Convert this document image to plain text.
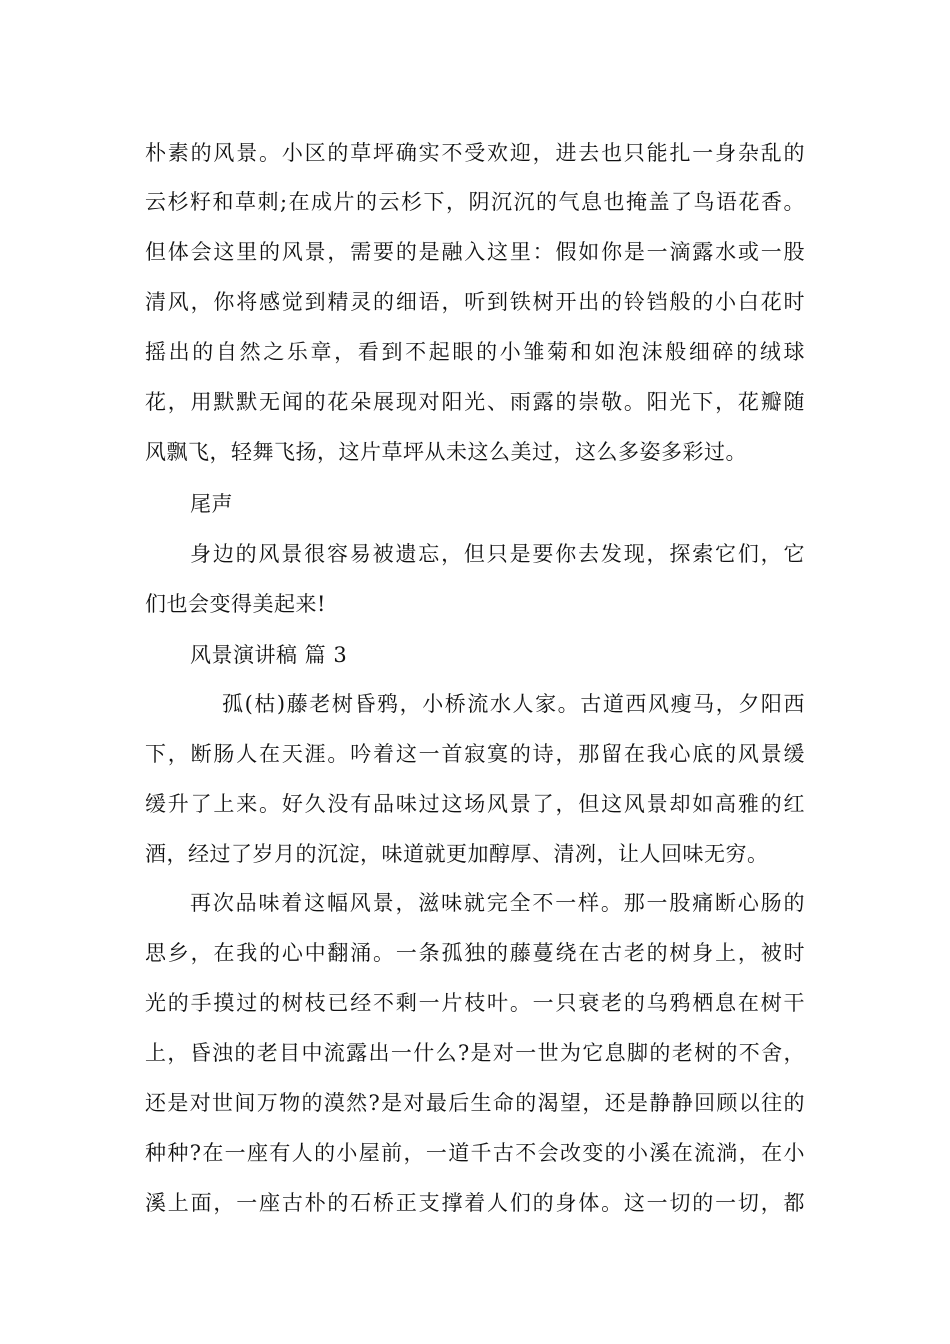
朴素的风景。小区的草坪确实不受欢迎，进去也只能扎一身杂乱的
云杉籽和草刺;在成片的云杉下，阴沉沉的气息也掩盖了鸟语花香。
但体会这里的风景，需要的是融入这里：假如你是一滴露水或一股
清风，你将感觉到精灵的细语，听到铁树开出的铃铛般的小白花时
摇出的自然之乐章，看到不起眼的小雏菊和如泡沫般细碎的绒球
花，用默默无闻的花朵展现对阳光、雨露的崇敬。阳光下，花瓣随
风飘飞，轻舞飞扬，这片草坪从未这么美过，这么多姿多彩过。
尾声
身边的风景很容易被遗忘，但只是要你去发现，探索它们，它
们也会变得美起来!
风景演讲稿 篇 3
孤(枯)藤老树昏鸦，小桥流水人家。古道西风瘦马，夕阳西
下，断肠人在天涯。吟着这一首寂寞的诗，那留在我心底的风景缓
缓升了上来。好久没有品味过这场风景了，但这风景却如高雅的红
酒，经过了岁月的沉淀，味道就更加醇厚、清冽，让人回味无穷。
再次品味着这幅风景，滋味就完全不一样。那一股痛断心肠的
思乡，在我的心中翻涌。一条孤独的藤蔓绕在古老的树身上，被时
光的手摸过的树枝已经不剩一片枝叶。一只衰老的乌鸦栖息在树干
上，昏浊的老目中流露出一什么?是对一世为它息脚的老树的不舍，
还是对世间万物的漠然?是对最后生命的渴望，还是静静回顾以往的
种种?在一座有人的小屋前，一道千古不会改变的小溪在流淌，在小
溪上面，一座古朴的石桥正支撑着人们的身体。这一切的一切，都
